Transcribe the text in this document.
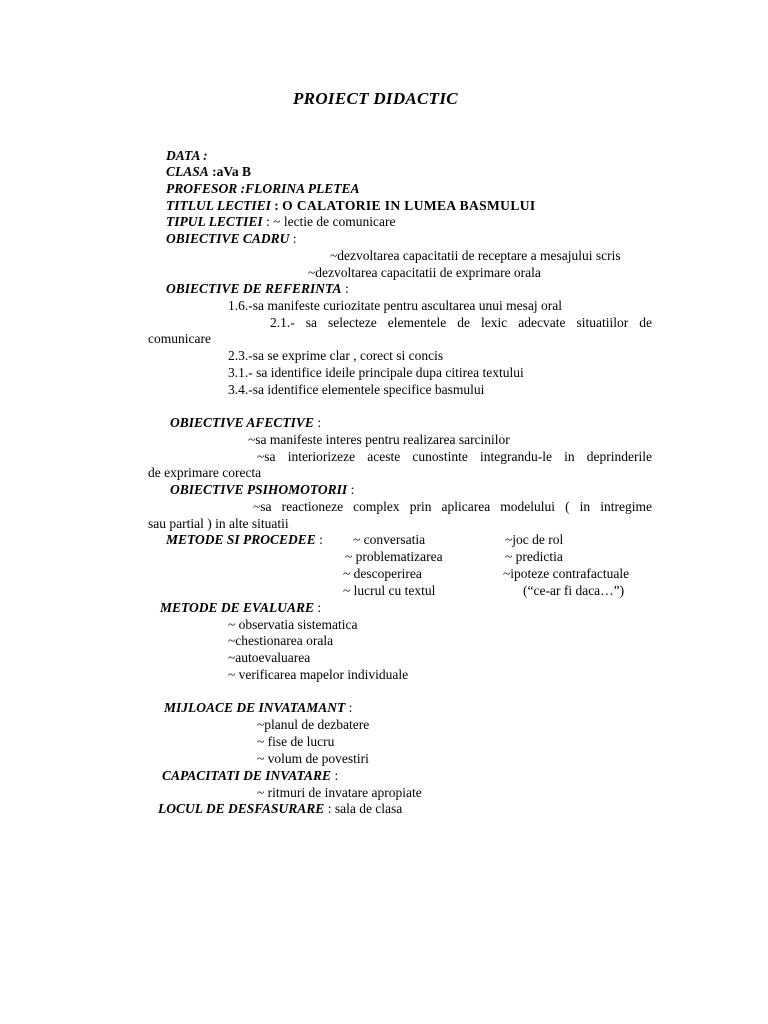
PROIECT DIDACTIC
DATA :
CLASA :aVa B
PROFESOR :FLORINA PLETEA
TITLUL LECTIEI : O CALATORIE IN LUMEA BASMULUI
TIPUL LECTIEI : ~ lectie de comunicare
OBIECTIVE CADRU :
~dezvoltarea capacitatii de receptare a mesajului scris
~dezvoltarea capacitatii de exprimare orala
OBIECTIVE DE REFERINTA :
1.6.-sa manifeste curiozitate pentru ascultarea unui mesaj oral
2.1.- sa selecteze elementele de lexic adecvate situatiilor de
comunicare
2.3.-sa se exprime clar , corect si concis
3.1.- sa identifice ideile principale dupa citirea textului
3.4.-sa identifice elementele specifice basmului
OBIECTIVE AFECTIVE :
~sa manifeste interes pentru realizarea sarcinilor
~sa interiorizeze aceste cunostinte integrandu-le in deprinderile
de exprimare corecta
OBIECTIVE PSIHOMOTORII :
~sa reactioneze complex prin aplicarea modelului ( in intregime
sau partial ) in alte situatii
METODE SI PROCEDEE : ~ conversatia
~ problematizarea
~ descoperirea
~ lucrul cu textul
~joc de rol
~ predictia
~ipoteze contrafactuale
(“ce-ar fi daca…”)
METODE DE EVALUARE :
~ observatia sistematica
~chestionarea orala
~autoevaluarea
~ verificarea mapelor individuale
MIJLOACE DE INVATAMANT :
~planul de dezbatere
~ fise de lucru
~ volum de povestiri
CAPACITATI DE INVATARE :
~ ritmuri de invatare apropiate
LOCUL DE DESFASURARE : sala de clasa
